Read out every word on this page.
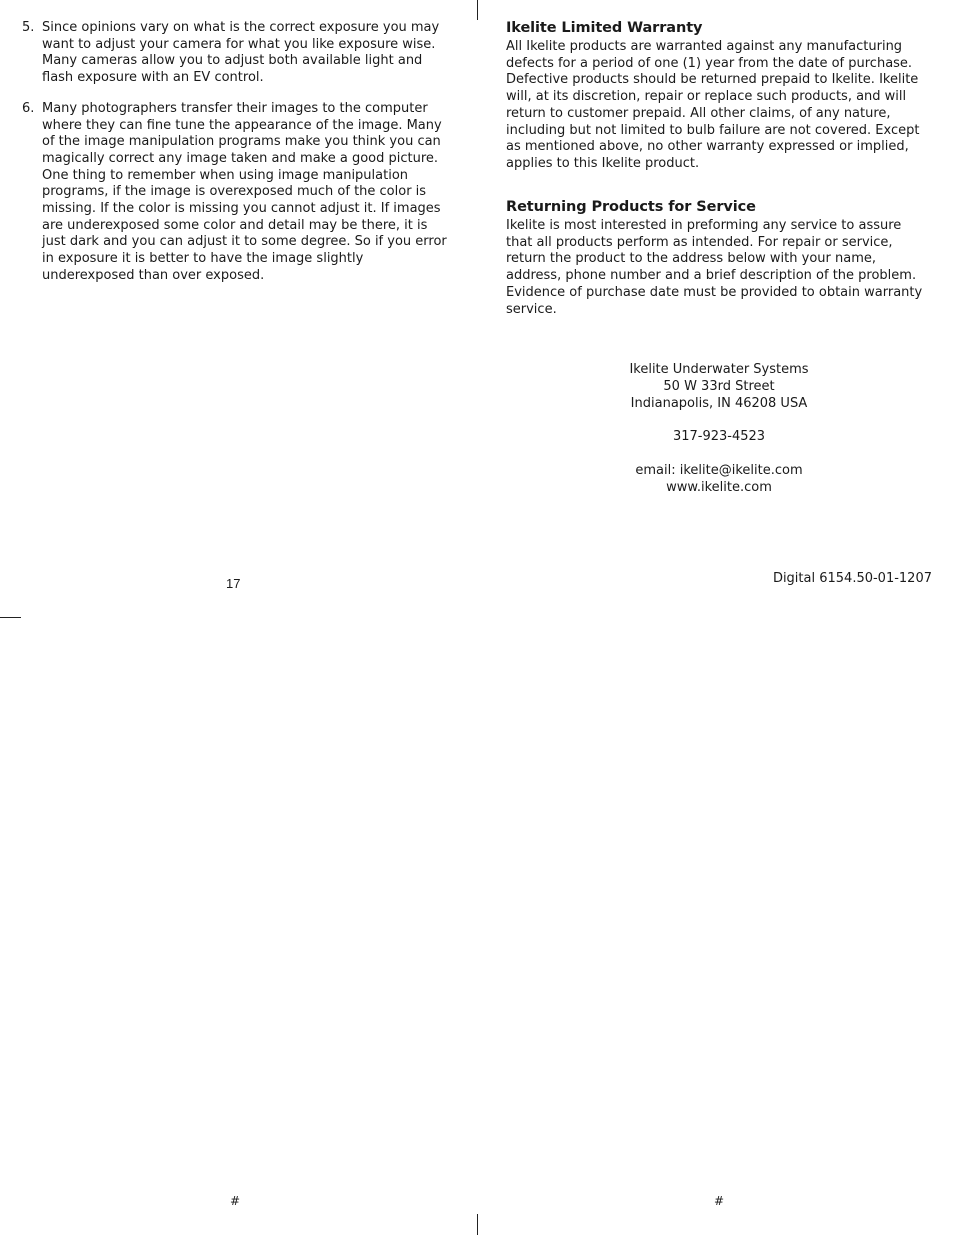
5. Since opinions vary on what is the correct exposure you may want to adjust your camera for what you like exposure wise. Many cameras allow you to adjust both available light and flash exposure with an EV control.
6. Many photographers transfer their images to the computer where they can fine tune the appearance of the image. Many of the image manipulation programs make you think you can magically correct any image taken and make a good picture. One thing to remember when using image manipulation programs, if the image is overexposed much of the color is missing. If the color is missing you cannot adjust it. If images are underexposed some color and detail may be there, it is just dark and you can adjust it to some degree. So if you error in exposure it is better to have the image slightly underexposed than over exposed.
Ikelite Limited Warranty

All Ikelite products are warranted against any manufacturing defects for a period of one (1) year from the date of purchase. Defective products should be returned prepaid to Ikelite. Ikelite will, at its discretion, repair or replace such products, and will return to customer prepaid. All other claims, of any nature, including but not limited to bulb failure are not covered. Except as mentioned above, no other warranty expressed or implied, applies to this Ikelite product.

Returning Products for Service

Ikelite is most interested in preforming any service to assure that all products perform as intended. For repair or service, return the product to the address below with your name, address, phone number and a brief description of the problem. Evidence of purchase date must be provided to obtain warranty service.

Ikelite Underwater Systems
50 W 33rd Street
Indianapolis, IN 46208 USA
317-923-4523
email: ikelite@ikelite.com
www.ikelite.com
17	Digital 6154.50-01-1207
#	#
